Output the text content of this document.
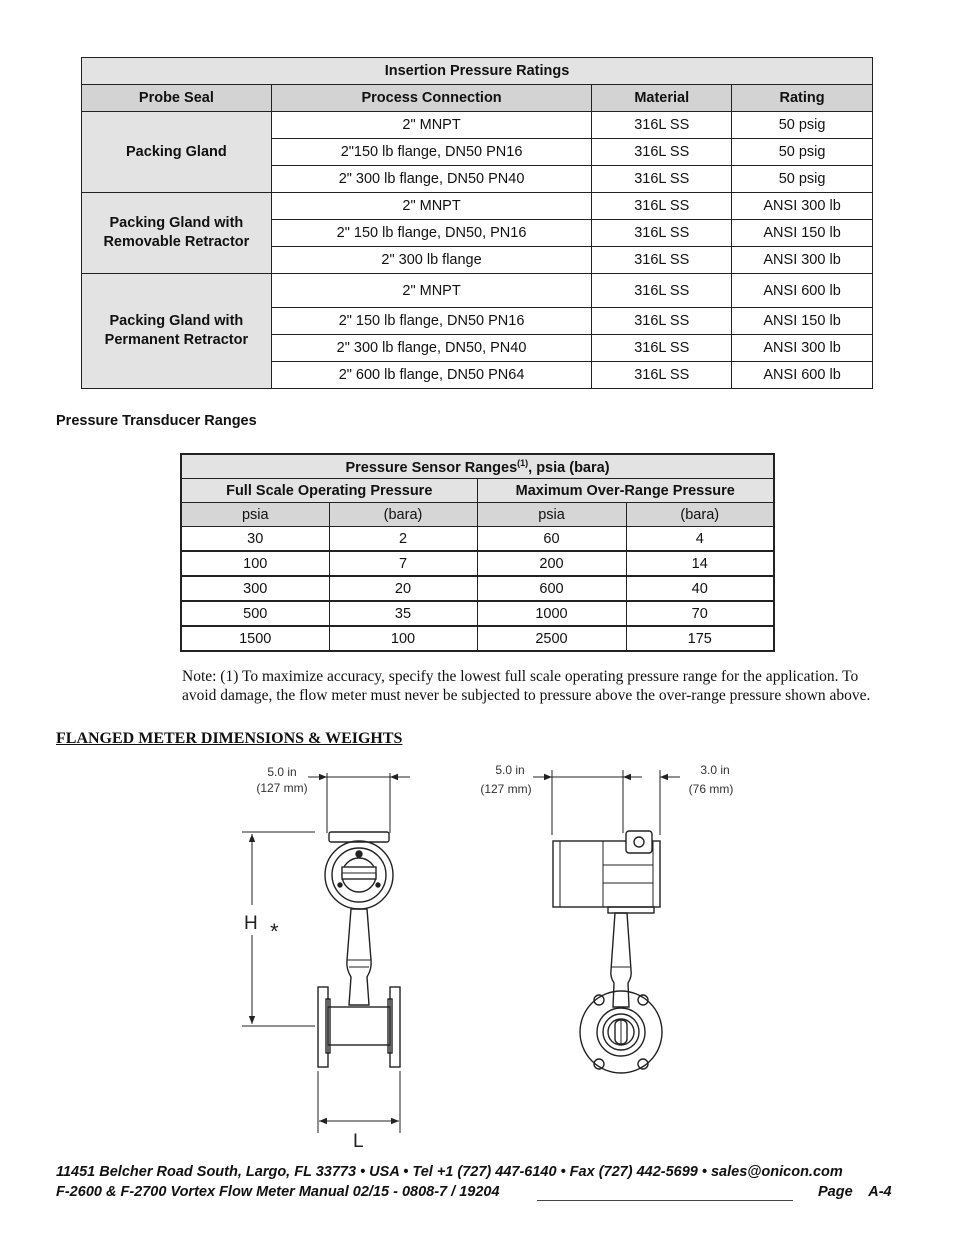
Insertion Pressure Ratings			
Probe Seal	Process Connection	Material	Rating
Packing Gland	2" MNPT	316L SS	50 psig
	2"150 lb flange, DN50 PN16	316L SS	50 psig
	2" 300 lb flange, DN50 PN40	316L SS	50 psig
Packing Gland with Removable Retractor	2" MNPT	316L SS	ANSI 300 lb
	2" 150 lb flange, DN50, PN16	316L SS	ANSI 150 lb
	2" 300 lb flange	316L SS	ANSI 300 lb
Packing Gland with Permanent Retractor	2" MNPT	316L SS	ANSI 600 lb
	2" 150 lb flange, DN50 PN16	316L SS	ANSI 150 lb
	2" 300 lb flange, DN50, PN40	316L SS	ANSI 300 lb
	2" 600 lb flange, DN50 PN64	316L SS	ANSI 600 lb
Pressure Transducer Ranges
Pressure Sensor Ranges$^{(1)}$, psia (bara)			
Full Scale Operating Pressure		Maximum Over-Range Pressure	
psia	(bara)	psia	(bara)
30	2	60	4
100	7	200	14
300	20	600	40
500	35	1000	70
1500	100	2500	175
Note: (1) To maximize accuracy, specify the lowest full scale operating pressure range for the application. To avoid damage, the flow meter must never be subjected to pressure above the over-range pressure shown above.
FLANGED METER DIMENSIONS & WEIGHTS
5.0 in
(127 mm)
5.0 in
(127 mm)
3.0 in
(76 mm)
H *
L
11451 Belcher Road South, Largo, FL 33773 • USA • Tel +1 (727) 447-6140 • Fax (727) 442-5699 • sales@onicon.com
F-2600 & F-2700 Vortex Flow Meter Manual 02/15 - 0808-7 / 19204	Page    A-4
